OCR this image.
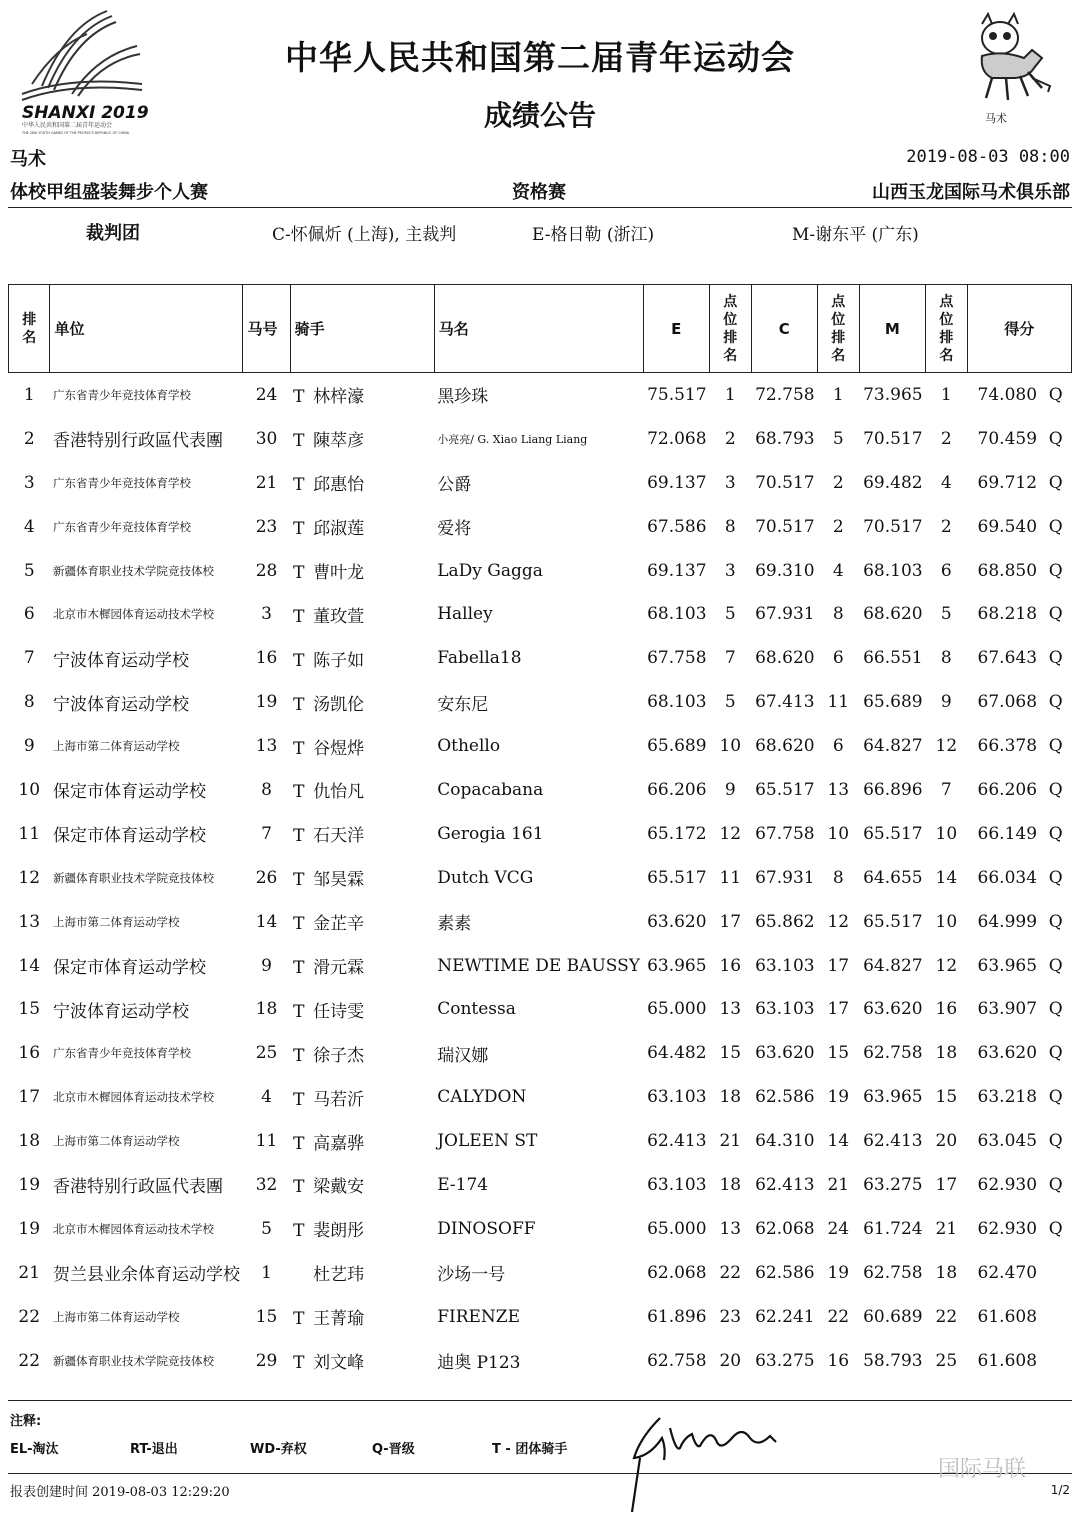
SHANXI 2019
中华人民共和国第二届青年运动会
THE 2ND YOUTH GAMES OF THE PEOPLE'S REPUBLIC OF CHINA
中华人民共和国第二届青年运动会
成绩公告	马术
马术	2019-08-03 08:00
体校甲组盛装舞步个人赛	资格赛	山西玉龙国际马术俱乐部
裁判团	C-怀佩炘 (上海), 主裁判	E-格日勒 (浙江)	M-谢东平 (广东)
排名	单位	马号	骑手	马名	E	点位排名	C	点位排名	M	点位排名	得分	
1	广东省青少年竞技体育学校	24	T 林梓濠	黑珍珠	75.517	1	72.758	1	73.965	1	74.080	Q
2	香港特别行政區代表團	30	T 陳萃彦	小亮亮/ G. Xiao Liang Liang	72.068	2	68.793	5	70.517	2	70.459	Q
3	广东省青少年竞技体育学校	21	T 邱惠怡	公爵	69.137	3	70.517	2	69.482	4	69.712	Q
4	广东省青少年竞技体育学校	23	T 邱淑莲	爱将	67.586	8	70.517	2	70.517	2	69.540	Q
5	新疆体育职业技术学院竞技体校	28	T 曹叶龙	LaDy Gagga	69.137	3	69.310	4	68.103	6	68.850	Q
6	北京市木樨园体育运动技术学校	3	T 董玫萱	Halley	68.103	5	67.931	8	68.620	5	68.218	Q
7	宁波体育运动学校	16	T 陈子如	Fabella18	67.758	7	68.620	6	66.551	8	67.643	Q
8	宁波体育运动学校	19	T 汤凯伦	安东尼	68.103	5	67.413	11	65.689	9	67.068	Q
9	上海市第二体育运动学校	13	T 谷煜烨	Othello	65.689	10	68.620	6	64.827	12	66.378	Q
10	保定市体育运动学校	8	T 仇怡凡	Copacabana	66.206	9	65.517	13	66.896	7	66.206	Q
11	保定市体育运动学校	7	T 石天洋	Gerogia 161	65.172	12	67.758	10	65.517	10	66.149	Q
12	新疆体育职业技术学院竞技体校	26	T 邹昊霖	Dutch VCG	65.517	11	67.931	8	64.655	14	66.034	Q
13	上海市第二体育运动学校	14	T 金芷辛	素素	63.620	17	65.862	12	65.517	10	64.999	Q
14	保定市体育运动学校	9	T 滑元霖	NEWTIME DE BAUSSY	63.965	16	63.103	17	64.827	12	63.965	Q
15	宁波体育运动学校	18	T 任诗雯	Contessa	65.000	13	63.103	17	63.620	16	63.907	Q
16	广东省青少年竞技体育学校	25	T 徐子杰	瑞汉娜	64.482	15	63.620	15	62.758	18	63.620	Q
17	北京市木樨园体育运动技术学校	4	T 马若沂	CALYDON	63.103	18	62.586	19	63.965	15	63.218	Q
18	上海市第二体育运动学校	11	T 高嘉骅	JOLEEN ST	62.413	21	64.310	14	62.413	20	63.045	Q
19	香港特别行政區代表團	32	T 梁戴安	E-174	63.103	18	62.413	21	63.275	17	62.930	Q
19	北京市木樨园体育运动技术学校	5	T 裴朗彤	DINOSOFF	65.000	13	62.068	24	61.724	21	62.930	Q
21	贺兰县业余体育运动学校	1	杜艺玮	沙场一号	62.068	22	62.586	19	62.758	18	62.470	
22	上海市第二体育运动学校	15	T 王菁瑜	FIRENZE	61.896	23	62.241	22	60.689	22	61.608	
22	新疆体育职业技术学院竞技体校	29	T 刘文峰	迪奥 P123	62.758	20	63.275	16	58.793	25	61.608	
注释:
EL-淘汰	RT-退出	WD-弃权	Q-晋级	T - 团体骑手
国际马联
报表创建时间 2019-08-03 12:29:20	1/2
